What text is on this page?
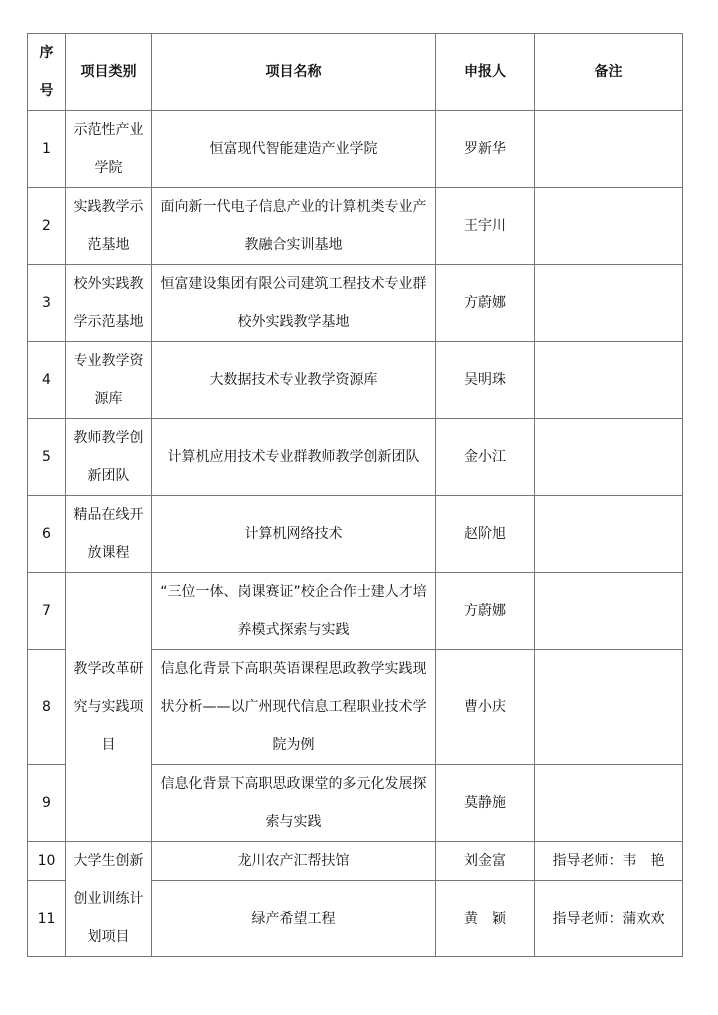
序
号	项目类别	项目名称	申报人	备注
1	示范性产业学院	恒富现代智能建造产业学院	罗新华	
2	实践教学示范基地	面向新一代电子信息产业的计算机类专业产教融合实训基地	王宇川	
3	校外实践教学示范基地	恒富建设集团有限公司建筑工程技术专业群校外实践教学基地	方蔚娜	
4	专业教学资源库	大数据技术专业教学资源库	吴明珠	
5	教师教学创新团队	计算机应用技术专业群教师教学创新团队	金小江	
6	精品在线开放课程	计算机网络技术	赵阶旭	
7	教学改革研究与实践项目	“三位一体、岗课赛证”校企合作士建人才培养模式探索与实践	方蔚娜	
8		信息化背景下高职英语课程思政教学实践现状分析——以广州现代信息工程职业技术学院为例	曹小庆	
9		信息化背景下高职思政课堂的多元化发展探索与实践	莫静施	
10	大学生创新创业训练计划项目	龙川农产汇帮扶馆	刘金富	指导老师：韦　艳
11		绿产希望工程	黄　颖	指导老师：蒲欢欢
